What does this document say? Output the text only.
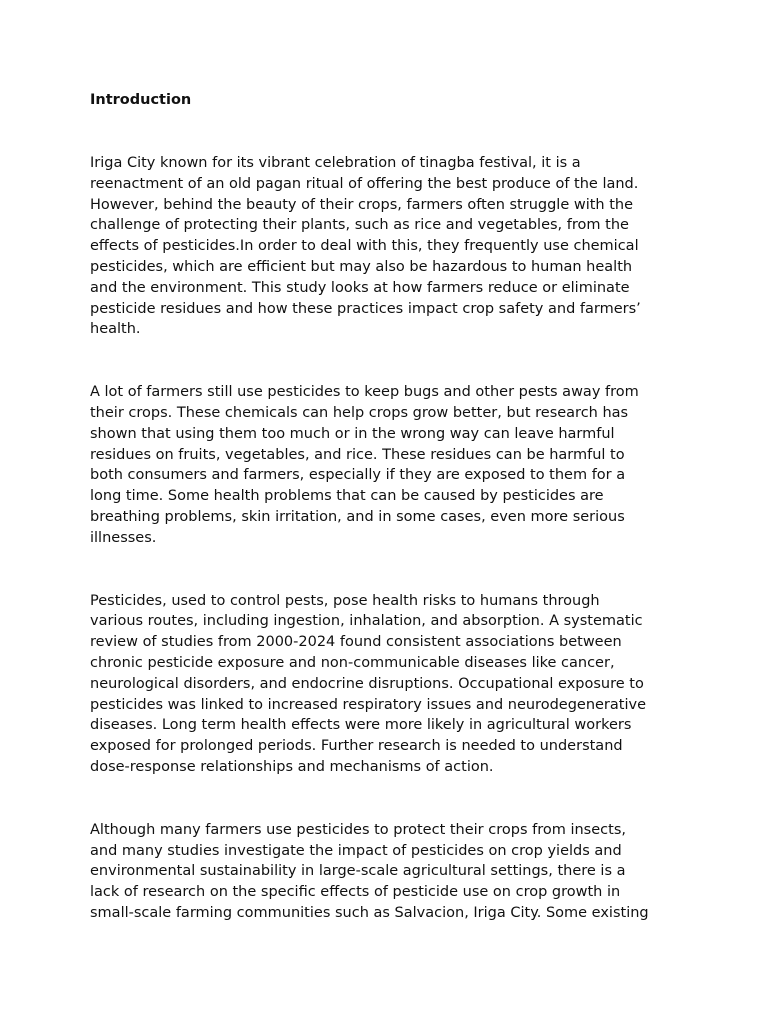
Introduction
Iriga City known for its vibrant celebration of tinagba festival, it is a
reenactment of an old pagan ritual of offering the best produce of the land.
However, behind the beauty of their crops, farmers often struggle with the
challenge of protecting their plants, such as rice and vegetables, from the
effects of pesticides.In order to deal with this, they frequently use chemical
pesticides, which are efficient but may also be hazardous to human health
and the environment. This study looks at how farmers reduce or eliminate
pesticide residues and how these practices impact crop safety and farmers’
health.
A lot of farmers still use pesticides to keep bugs and other pests away from
their crops. These chemicals can help crops grow better, but research has
shown that using them too much or in the wrong way can leave harmful
residues on fruits, vegetables, and rice. These residues can be harmful to
both consumers and farmers, especially if they are exposed to them for a
long time. Some health problems that can be caused by pesticides are
breathing problems, skin irritation, and in some cases, even more serious
illnesses.
Pesticides, used to control pests, pose health risks to humans through
various routes, including ingestion, inhalation, and absorption. A systematic
review of studies from 2000-2024 found consistent associations between
chronic pesticide exposure and non-communicable diseases like cancer,
neurological disorders, and endocrine disruptions. Occupational exposure to
pesticides was linked to increased respiratory issues and neurodegenerative
diseases. Long term health effects were more likely in agricultural workers
exposed for prolonged periods. Further research is needed to understand
dose-response relationships and mechanisms of action.
Although many farmers use pesticides to protect their crops from insects,
and many studies investigate the impact of pesticides on crop yields and
environmental sustainability in large-scale agricultural settings, there is a
lack of research on the specific effects of pesticide use on crop growth in
small-scale farming communities such as Salvacion, Iriga City. Some existing
